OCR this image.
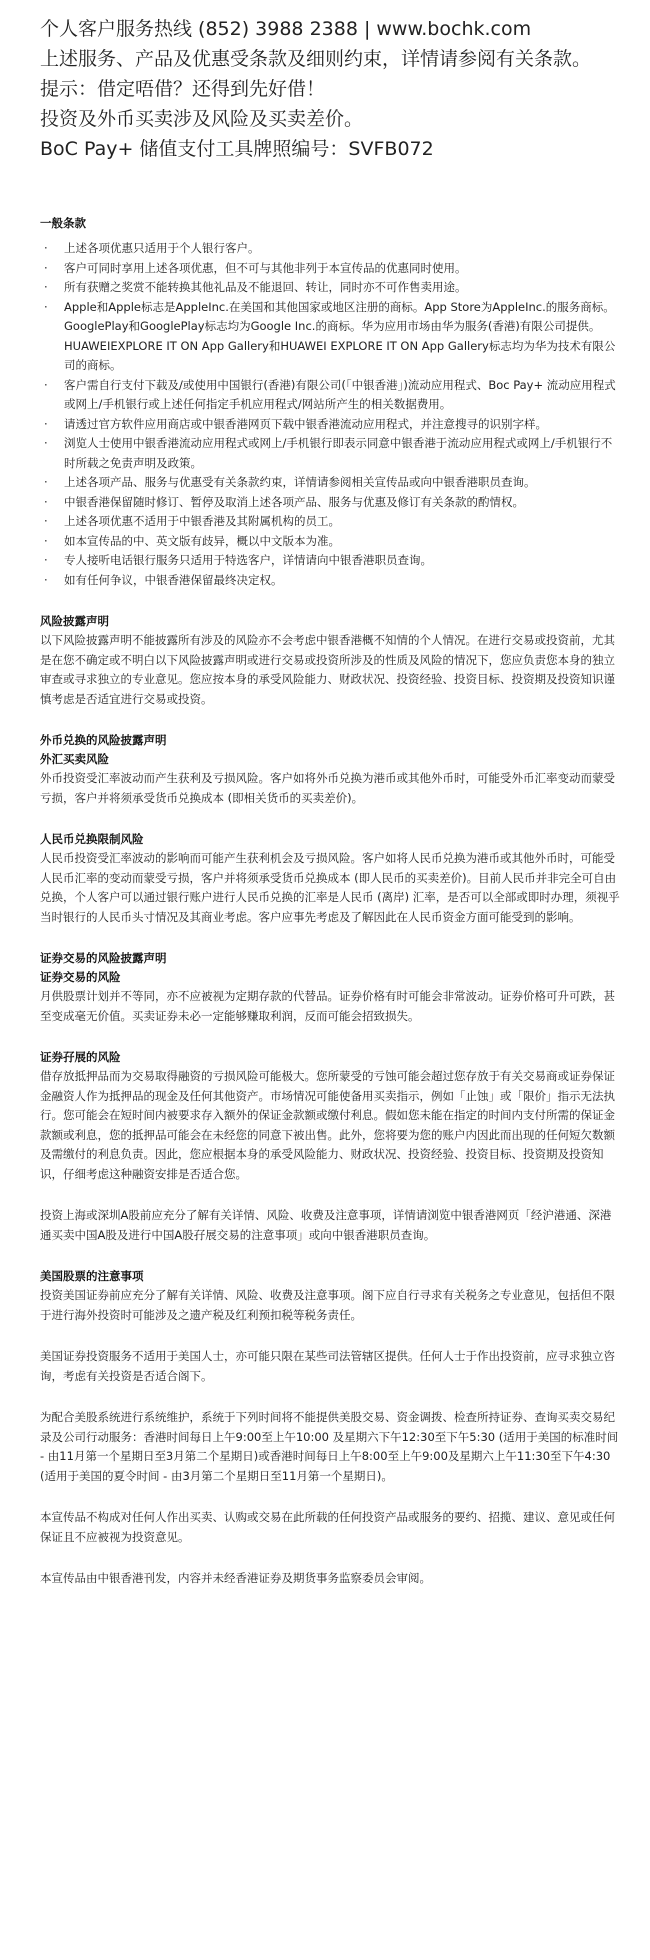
个人客户服务热线 (852) 3988 2388 | www.bochk.com

上述服务、产品及优惠受条款及细则约束，详情请参阅有关条款。

提示：借定唔借？还得到先好借！

投资及外币买卖涉及风险及买卖差价。

BoC Pay+ 储值支付工具牌照编号：SVFB072

一般条款

· 上述各项优惠只适用于个人银行客户。
· 客户可同时享用上述各项优惠，但不可与其他非列于本宣传品的优惠同时使用。
· 所有获赠之奖赏不能转换其他礼品及不能退回、转让，同时亦不可作售卖用途。
· Apple和Apple标志是AppleInc.在美国和其他国家或地区注册的商标。App Store为AppleInc.的服务商标。GooglePlay和GooglePlay标志均为Google Inc.的商标。华为应用市场由华为服务(香港)有限公司提供。HUAWEIEXPLORE IT ON App Gallery和HUAWEI EXPLORE IT ON App Gallery标志均为华为技术有限公司的商标。
· 客户需自行支付下载及/或使用中国银行(香港)有限公司(「中银香港」)流动应用程式、Boc Pay+ 流动应用程式或网上/手机银行或上述任何指定手机应用程式/网站所产生的相关数据费用。
· 请透过官方软件应用商店或中银香港网页下载中银香港流动应用程式，并注意搜寻的识别字样。
· 浏览人士使用中银香港流动应用程式或网上/手机银行即表示同意中银香港于流动应用程式或网上/手机银行不时所载之免责声明及政策。
· 上述各项产品、服务与优惠受有关条款约束，详情请参阅相关宣传品或向中银香港职员查询。
· 中银香港保留随时修订、暂停及取消上述各项产品、服务与优惠及修订有关条款的酌情权。
· 上述各项优惠不适用于中银香港及其附属机构的员工。
· 如本宣传品的中、英文版有歧异，概以中文版本为准。
· 专人接听电话银行服务只适用于特选客户，详情请向中银香港职员查询。
· 如有任何争议，中银香港保留最终决定权。

风险披露声明

以下风险披露声明不能披露所有涉及的风险亦不会考虑中银香港概不知情的个人情况。在进行交易或投资前，尤其是在您不确定或不明白以下风险披露声明或进行交易或投资所涉及的性质及风险的情况下，您应负责您本身的独立审查或寻求独立的专业意见。您应按本身的承受风险能力、财政状况、投资经验、投资目标、投资期及投资知识谨慎考虑是否适宜进行交易或投资。

外币兑换的风险披露声明

外汇买卖风险

外币投资受汇率波动而产生获利及亏损风险。客户如将外币兑换为港币或其他外币时，可能受外币汇率变动而蒙受亏损，客户并将须承受货币兑换成本 (即相关货币的买卖差价)。

人民币兑换限制风险

人民币投资受汇率波动的影响而可能产生获利机会及亏损风险。客户如将人民币兑换为港币或其他外币时，可能受人民币汇率的变动而蒙受亏损，客户并将须承受货币兑换成本 (即人民币的买卖差价)。目前人民币并非完全可自由兑换，个人客户可以通过银行账户进行人民币兑换的汇率是人民币 (离岸) 汇率，是否可以全部或即时办理，须视乎当时银行的人民币头寸情况及其商业考虑。客户应事先考虑及了解因此在人民币资金方面可能受到的影响。

证券交易的风险披露声明

证券交易的风险

月供股票计划并不等同，亦不应被视为定期存款的代替品。证券价格有时可能会非常波动。证券价格可升可跌，甚至变成毫无价值。买卖证券未必一定能够赚取利润，反而可能会招致损失。

证券孖展的风险

借存放抵押品而为交易取得融资的亏损风险可能极大。您所蒙受的亏蚀可能会超过您存放于有关交易商或证券保证金融资人作为抵押品的现金及任何其他资产。市场情况可能使备用买卖指示，例如「止蚀」或「限价」指示无法执行。您可能会在短时间内被要求存入额外的保证金款额或缴付利息。假如您未能在指定的时间内支付所需的保证金款额或利息，您的抵押品可能会在未经您的同意下被出售。此外，您将要为您的账户内因此而出现的任何短欠数额及需缴付的利息负责。因此，您应根据本身的承受风险能力、财政状况、投资经验、投资目标、投资期及投资知识，仔细考虑这种融资安排是否适合您。

投资上海或深圳A股前应充分了解有关详情、风险、收费及注意事项，详情请浏览中银香港网页「经沪港通、深港通买卖中国A股及进行中国A股孖展交易的注意事项」或向中银香港职员查询。

美国股票的注意事项

投资美国证券前应充分了解有关详情、风险、收费及注意事项。阁下应自行寻求有关税务之专业意见，包括但不限于进行海外投资时可能涉及之遗产税及红利预扣税等税务责任。

美国证券投资服务不适用于美国人士，亦可能只限在某些司法管辖区提供。任何人士于作出投资前，应寻求独立咨询，考虑有关投资是否适合阁下。

为配合美股系统进行系统维护，系统于下列时间将不能提供美股交易、资金调拨、检查所持证券、查询买卖交易纪录及公司行动服务：香港时间每日上午9:00至上午10:00 及星期六下午12:30至下午5:30 (适用于美国的标准时间 - 由11月第一个星期日至3月第二个星期日)或香港时间每日上午8:00至上午9:00及星期六上午11:30至下午4:30 (适用于美国的夏令时间 - 由3月第二个星期日至11月第一个星期日)。

本宣传品不构成对任何人作出买卖、认购或交易在此所载的任何投资产品或服务的要约、招揽、建议、意见或任何保证且不应被视为投资意见。

本宣传品由中银香港刊发，内容并未经香港证券及期货事务监察委员会审阅。
